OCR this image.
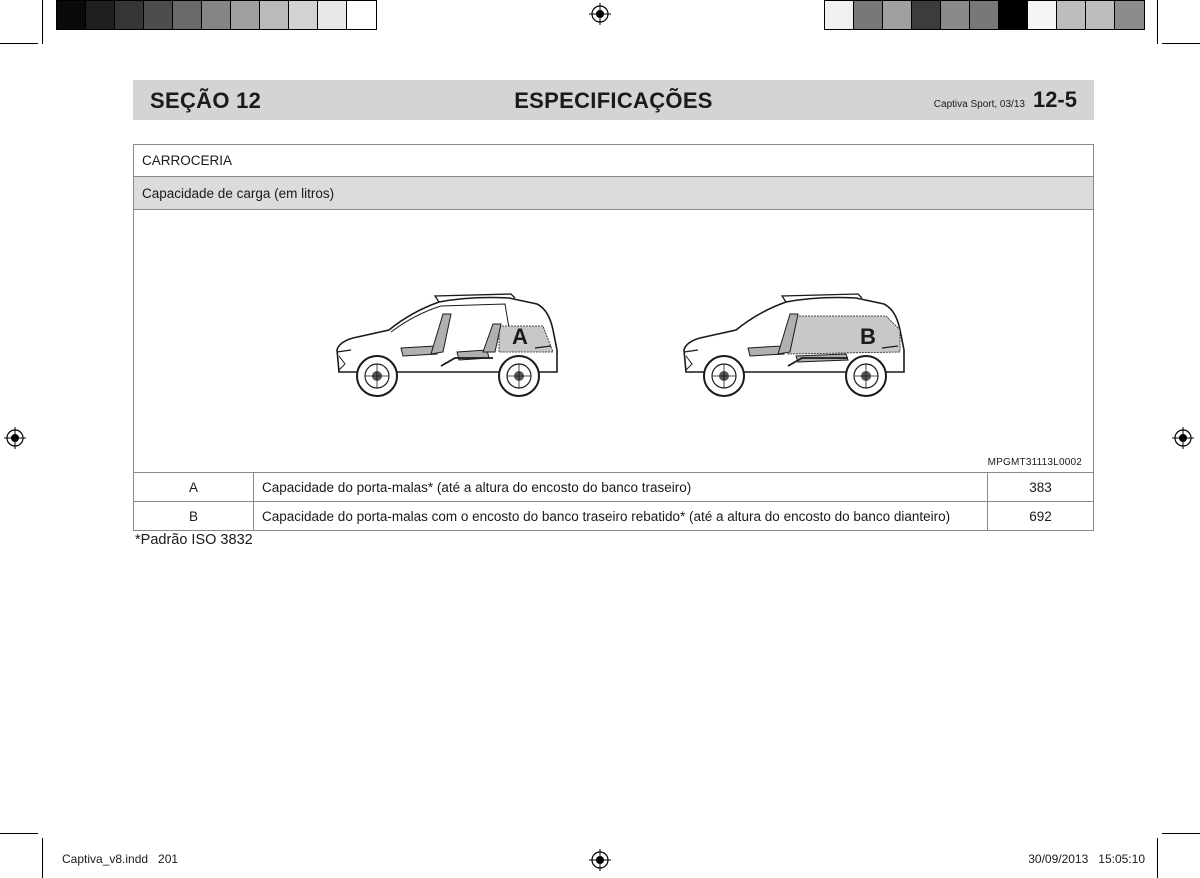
SEÇÃO 12	ESPECIFICAÇÕES	Captiva Sport, 03/13 12-5
CARROCERIA
Capacidade de carga (em litros)
A	B
MPGMT31113L0002
A	Capacidade do porta-malas* (até a altura do encosto do banco traseiro)	383
B	Capacidade do porta-malas com o encosto do banco traseiro rebatido* (até a altura do encosto do banco dianteiro)	692
*Padrão ISO 3832
Captiva_v8.indd   201	30/09/2013   15:05:10
